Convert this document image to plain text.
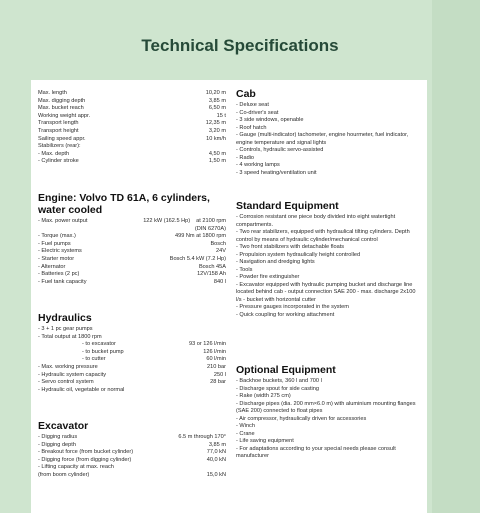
Technical Specifications
Max. length	10,20 m
Max. digging depth	3,85 m
Max. bucket reach	6,50 m
Working weight appr.	15 t
Transport length	12,35 m
Transport height	3,20 m
Sailing speed appr.	10 km/h
Stabilizers (rear):
- Max. depth	4,50 m
- Cylinder stroke	1,50 m
Engine: Volvo TD 61A, 6 cylinders, water cooled
- Max. power output	122 kW (162.5 Hp) at 2100 rpm
(DIN 6270A)
- Torque (max.)	499 Nm at 1800 rpm
- Fuel pumps	Bosch
- Electric systems	24V
- Starter motor	Bosch 5.4 kW (7.2 Hp)
- Alternator	Bosch 45A
- Batteries (2 pc)	12V/158 Ah
- Fuel tank capacity	840 l
Hydraulics
- 3 + 1 pc gear pumps
- Total output at 1800 rpm
- to excavator	93 or 126 l/min
- to bucket pump	126 l/min
- to cutter	60 l/min
- Max. working pressure	210 bar
- Hydraulic system capacity	250 l
- Servo control system	28 bar
- Hydraulic oil, vegetable or normal
Excavator
- Digging radius	6.5 m through 170°
- Digging depth	3,85 m
- Breakout force (from bucket cylinder)	77,0 kN
- Digging force (from digging cylinder)	40,0 kN
- Lifting capacity at max. reach
(from boom cylinder)	15,0 kN
Cab
- Deluxe seat
- Co-driver's seat
- 3 side windows, openable
- Roof hatch
- Gauge (multi-indicator) tachometer, engine hourmeter, fuel indicator, engine temperature and signal lights
- Controls, hydraulic servo-assisted
- Radio
- 4 working lamps
- 3 speed heating/ventilation unit
Standard Equipment
- Corrosion resistant one piece body divided into eight watertight compartments.
- Two rear stabilizers, equipped with hydraulical tilting cylinders. Depth control by means of hydraulic cylinder/mechanical control
- Two front stabilizers with detachable floats
- Propulsion system hydraulically height controlled
- Navigation and dredging lights
- Tools
- Powder fire extinguisher
- Excavator equipped with hydraulic pumping bucket and discharge line located behind cab - output connection SAE 200 - max. discharge 2x100 l/s - bucket with horizontal cutter
- Pressure gauges incorporated in the system
- Quick coupling for working attachment
Optional Equipment
- Backhoe buckets, 360 l and 700 l
- Discharge spout for side casting
- Rake (width 275 cm)
- Discharge pipes (dia. 200 mm×6.0 m) with aluminium mounting flanges (SAE 200) connected to float pipes
- Air compressor, hydraulically driven for accessories
- Winch
- Crane
- Life saving equipment
- For adaptations according to your special needs please consult manufacturer
